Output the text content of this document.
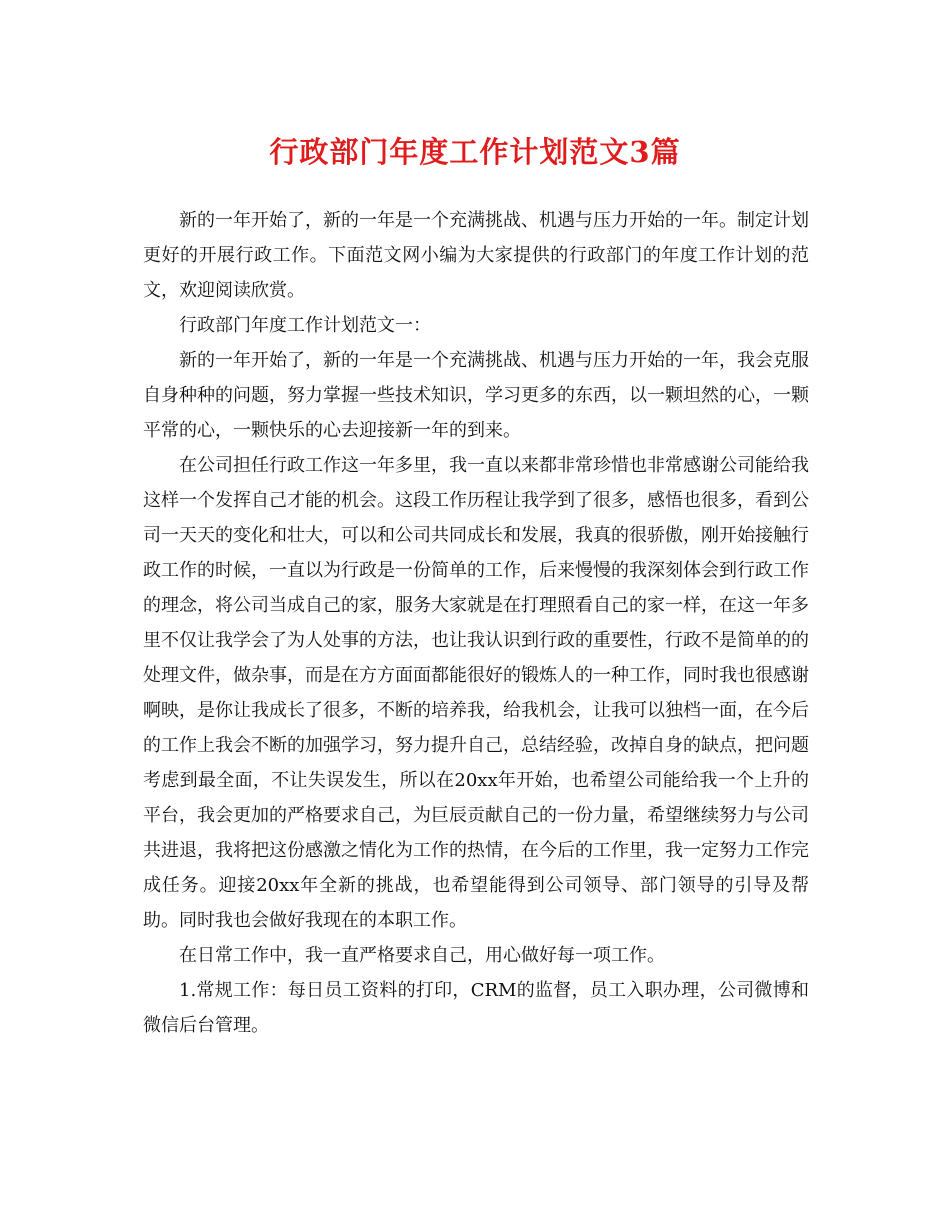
行政部门年度工作计划范文3篇

新的一年开始了，新的一年是一个充满挑战、机遇与压力开始的一年。制定计划更好的开展行政工作。下面范文网小编为大家提供的行政部门的年度工作计划的范文，欢迎阅读欣赏。

行政部门年度工作计划范文一：

新的一年开始了，新的一年是一个充满挑战、机遇与压力开始的一年，我会克服自身种种的问题，努力掌握一些技术知识，学习更多的东西，以一颗坦然的心，一颗平常的心，一颗快乐的心去迎接新一年的到来。

在公司担任行政工作这一年多里，我一直以来都非常珍惜也非常感谢公司能给我这样一个发挥自己才能的机会。这段工作历程让我学到了很多，感悟也很多，看到公司一天天的变化和壮大，可以和公司共同成长和发展，我真的很骄傲，刚开始接触行政工作的时候，一直以为行政是一份简单的工作，后来慢慢的我深刻体会到行政工作的理念，将公司当成自己的家，服务大家就是在打理照看自己的家一样，在这一年多里不仅让我学会了为人处事的方法，也让我认识到行政的重要性，行政不是简单的的处理文件，做杂事，而是在方方面面都能很好的锻炼人的一种工作，同时我也很感谢啊映，是你让我成长了很多，不断的培养我，给我机会，让我可以独档一面，在今后的工作上我会不断的加强学习，努力提升自己，总结经验，改掉自身的缺点，把问题考虑到最全面，不让失误发生，所以在20xx年开始，也希望公司能给我一个上升的平台，我会更加的严格要求自己，为巨辰贡献自己的一份力量，希望继续努力与公司共进退，我将把这份感激之情化为工作的热情，在今后的工作里，我一定努力工作完成任务。迎接20xx年全新的挑战，也希望能得到公司领导、部门领导的引导及帮助。同时我也会做好我现在的本职工作。

在日常工作中，我一直严格要求自己，用心做好每一项工作。

1.常规工作：每日员工资料的打印，CRM的监督，员工入职办理，公司微博和微信后台管理。
